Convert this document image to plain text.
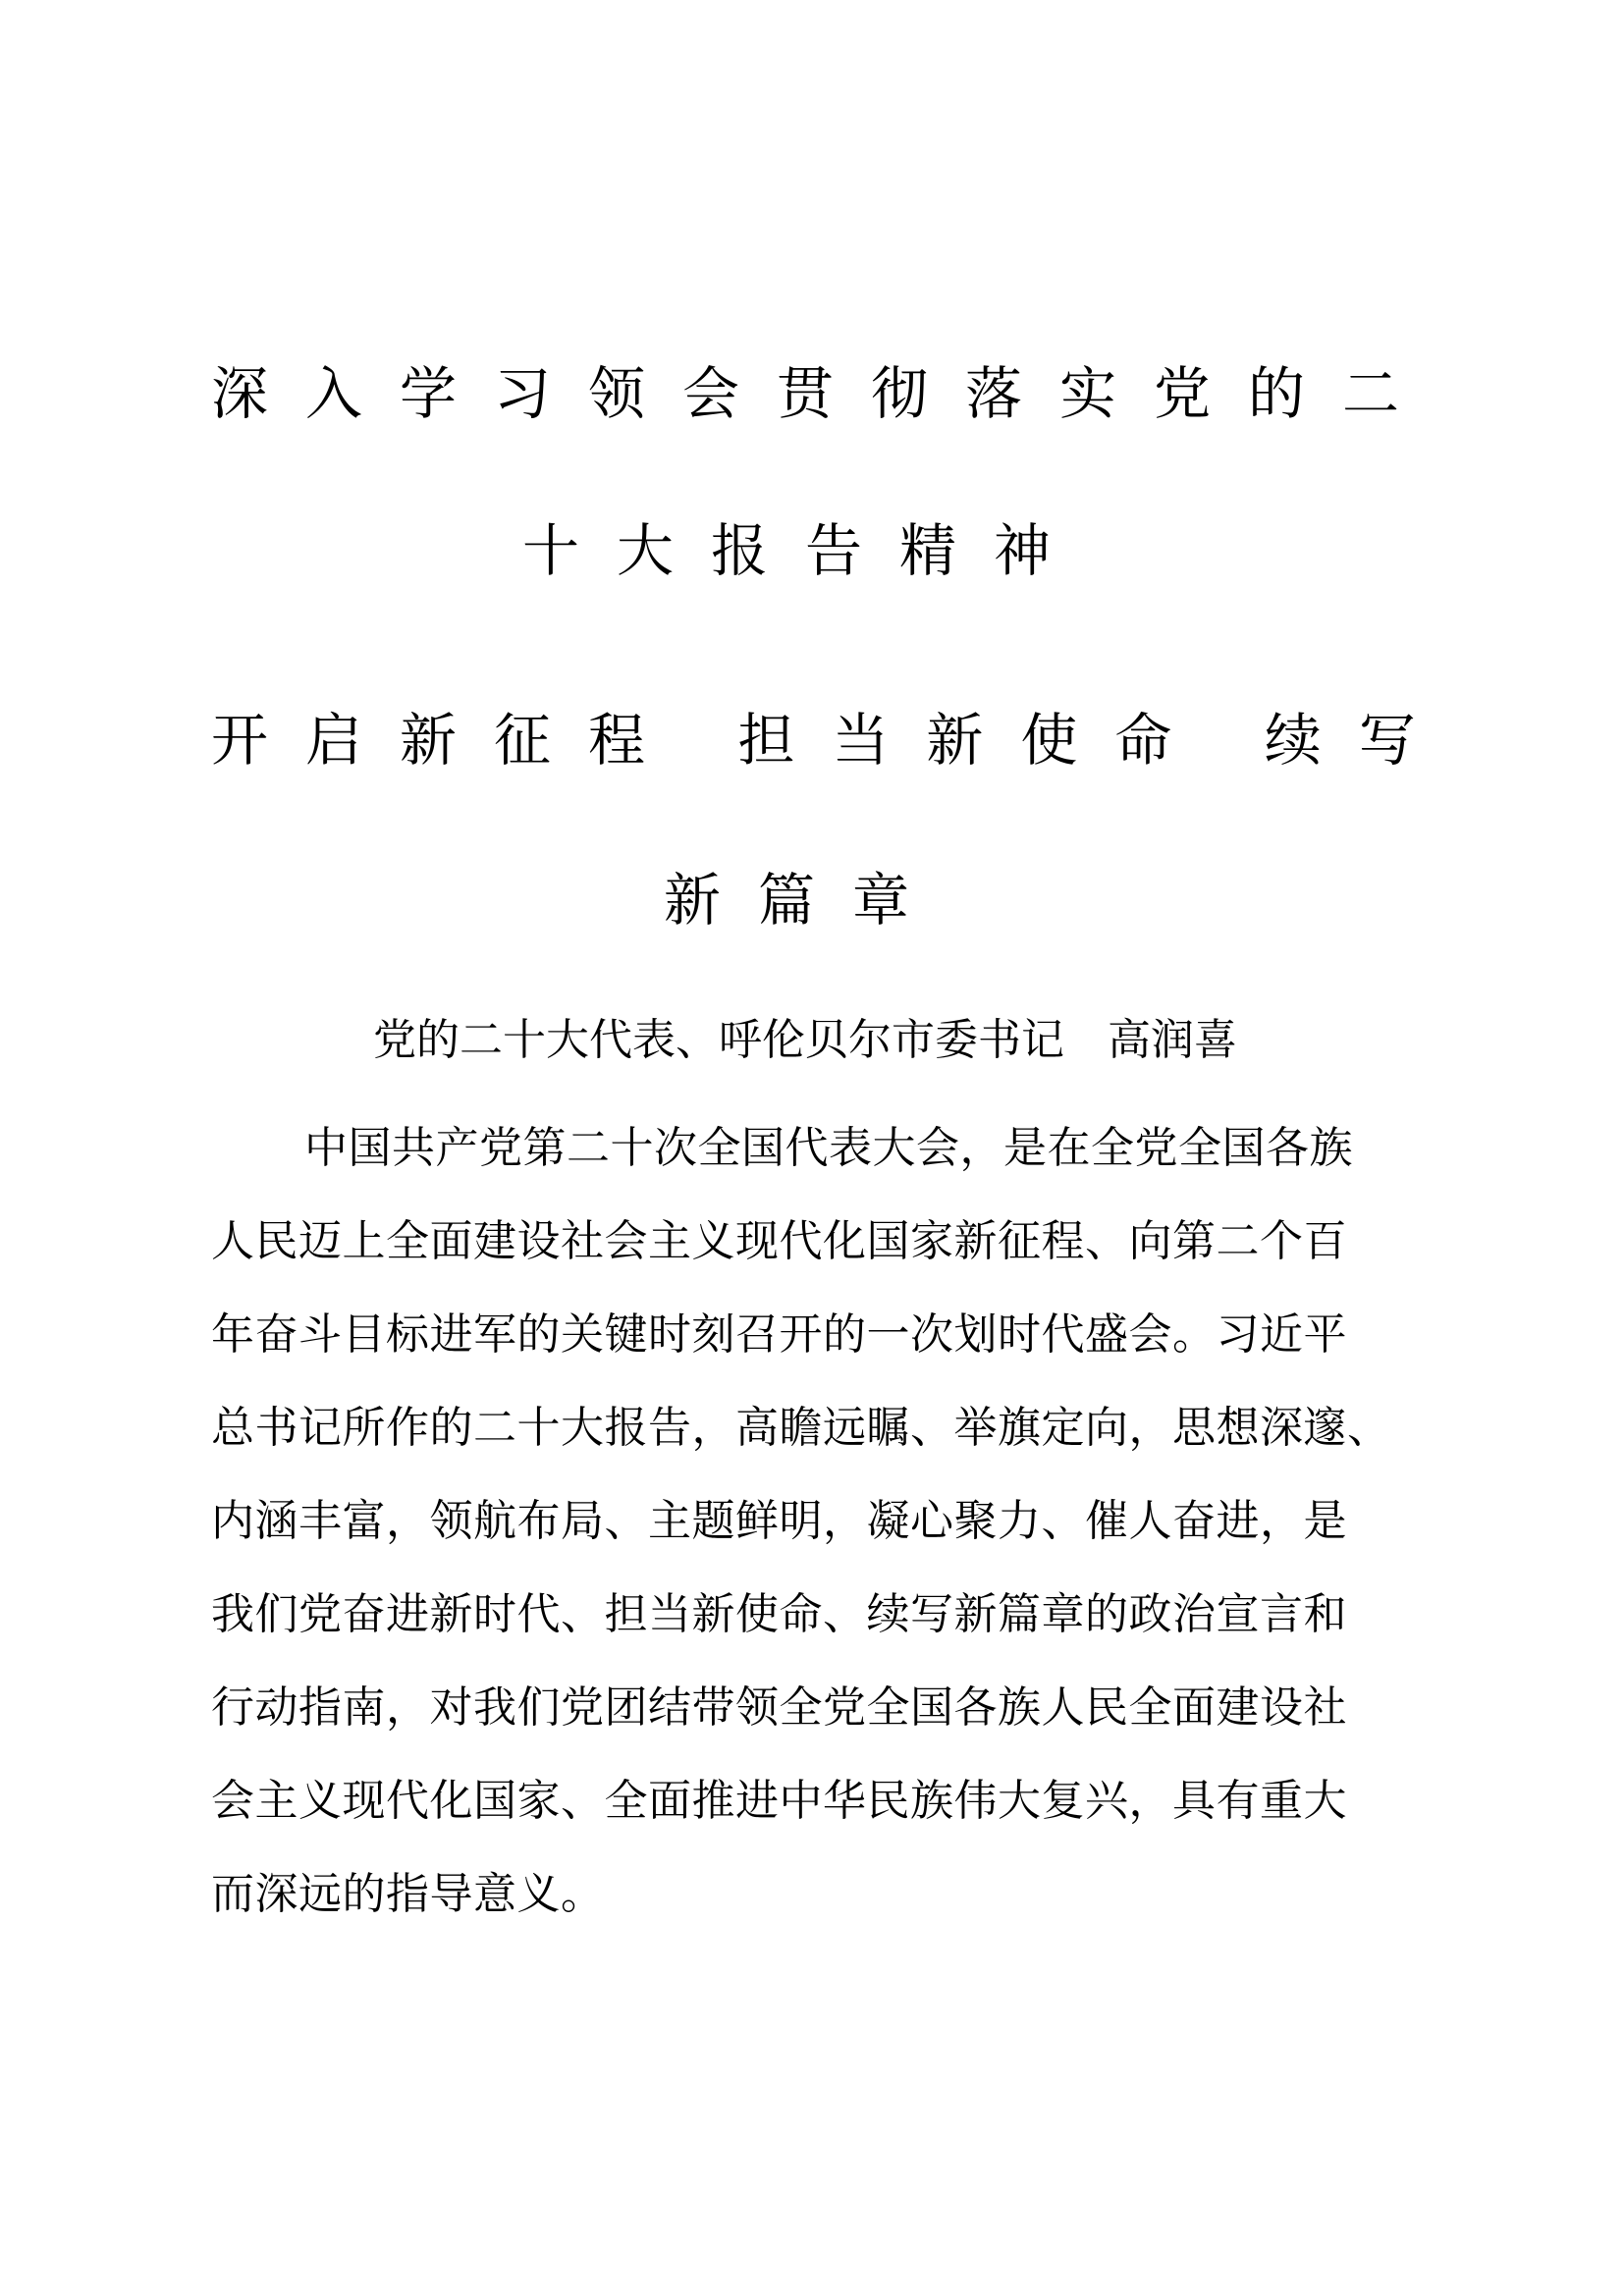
深入学习领会贯彻落实党的二
十大报告精神
开启新征程 担当新使命 续写
新篇章
党的二十大代表、呼伦贝尔市委书记　高润喜
中国共产党第二十次全国代表大会，是在全党全国各族
人民迈上全面建设社会主义现代化国家新征程、向第二个百
年奋斗目标进军的关键时刻召开的一次划时代盛会。习近平
总书记所作的二十大报告，高瞻远瞩、举旗定向，思想深邃、
内涵丰富，领航布局、主题鲜明，凝心聚力、催人奋进，是
我们党奋进新时代、担当新使命、续写新篇章的政治宣言和
行动指南，对我们党团结带领全党全国各族人民全面建设社
会主义现代化国家、全面推进中华民族伟大复兴，具有重大
而深远的指导意义。
